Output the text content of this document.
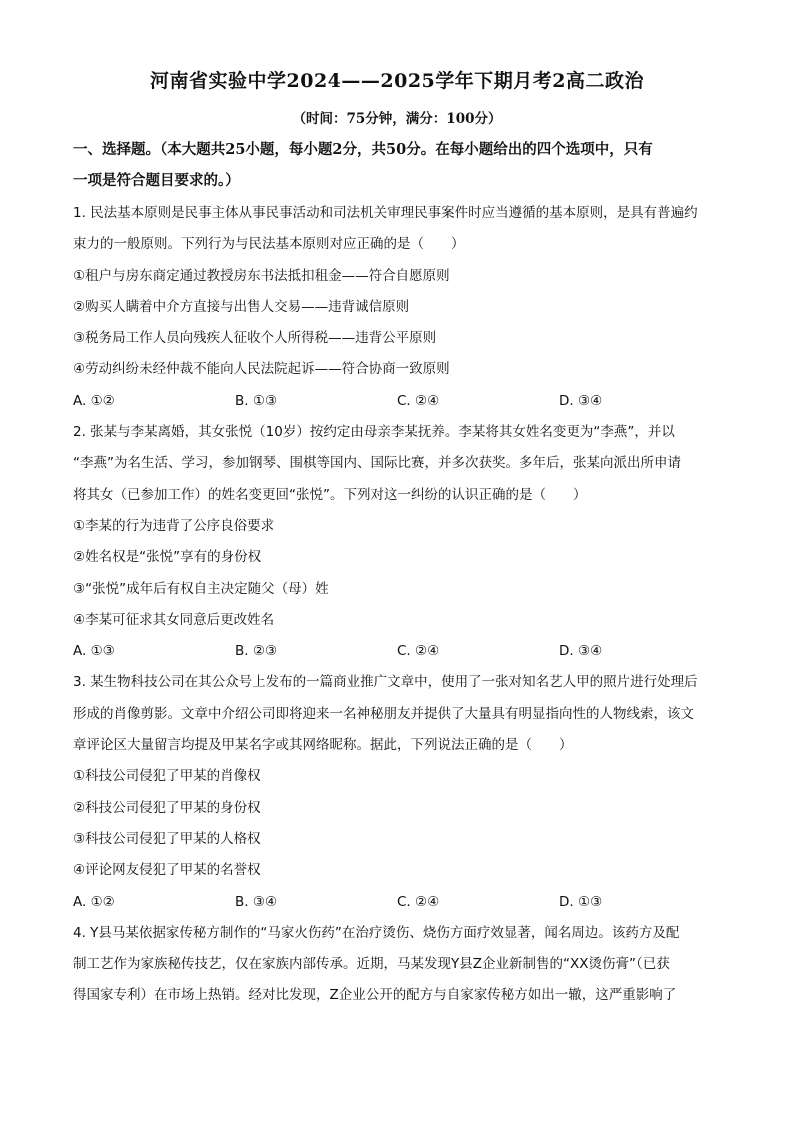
河南省实验中学2024——2025学年下期月考2高二政治
（时间：75分钟，满分：100分）
一、选择题。（本大题共25小题，每小题2分，共50分。在每小题给出的四个选项中，只有
一项是符合题目要求的。）
1. 民法基本原则是民事主体从事民事活动和司法机关审理民事案件时应当遵循的基本原则，是具有普遍约
束力的一般原则。下列行为与民法基本原则对应正确的是（　　）
①租户与房东商定通过教授房东书法抵扣租金——符合自愿原则
②购买人瞒着中介方直接与出售人交易——违背诚信原则
③税务局工作人员向残疾人征收个人所得税——违背公平原则
④劳动纠纷未经仲裁不能向人民法院起诉——符合协商一致原则
A. ①②	B. ①③	C. ②④	D. ③④
2. 张某与李某离婚，其女张悦（10岁）按约定由母亲李某抚养。李某将其女姓名变更为“李燕”，并以
“李燕”为名生活、学习，参加钢琴、围棋等国内、国际比赛，并多次获奖。多年后，张某向派出所申请
将其女（已参加工作）的姓名变更回“张悦”。下列对这一纠纷的认识正确的是（　　）
①李某的行为违背了公序良俗要求
②姓名权是“张悦”享有的身份权
③“张悦”成年后有权自主决定随父（母）姓
④李某可征求其女同意后更改姓名
A. ①③	B. ②③	C. ②④	D. ③④
3. 某生物科技公司在其公众号上发布的一篇商业推广文章中，使用了一张对知名艺人甲的照片进行处理后
形成的肖像剪影。文章中介绍公司即将迎来一名神秘朋友并提供了大量具有明显指向性的人物线索，该文
章评论区大量留言均提及甲某名字或其网络昵称。据此，下列说法正确的是（　　）
①科技公司侵犯了甲某的肖像权
②科技公司侵犯了甲某的身份权
③科技公司侵犯了甲某的人格权
④评论网友侵犯了甲某的名誉权
A. ①②	B. ③④	C. ②④	D. ①③
4. Y县马某依据家传秘方制作的“马家火伤药”在治疗烫伤、烧伤方面疗效显著，闻名周边。该药方及配
制工艺作为家族秘传技艺，仅在家族内部传承。近期，马某发现Y县Z企业新制售的“XX烫伤膏”（已获
得国家专利）在市场上热销。经对比发现，Z企业公开的配方与自家家传秘方如出一辙，这严重影响了
